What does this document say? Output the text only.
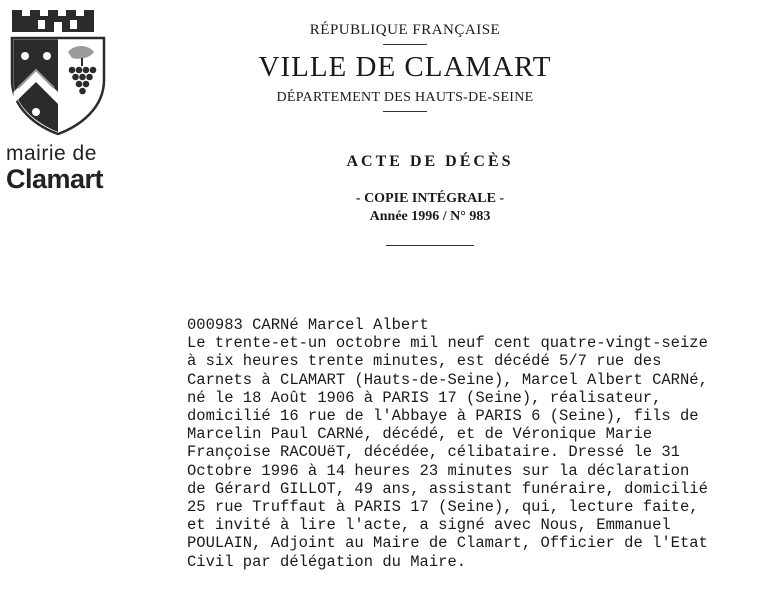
mairie de
Clamart
RÉPUBLIQUE FRANÇAISE
VILLE DE CLAMART
DÉPARTEMENT DES HAUTS-DE-SEINE
ACTE DE DÉCÈS
- COPIE INTÉGRALE -
Année 1996 / N° 983
000983 CARNé Marcel Albert
Le trente-et-un octobre mil neuf cent quatre-vingt-seize
à six heures trente minutes, est décédé 5/7 rue des
Carnets à CLAMART (Hauts-de-Seine), Marcel Albert CARNé,
né le 18 Août 1906 à PARIS 17 (Seine), réalisateur,
domicilié 16 rue de l'Abbaye à PARIS 6 (Seine), fils de
Marcelin Paul CARNé, décédé, et de Véronique Marie
Françoise RACOUëT, décédée, célibataire. Dressé le 31
Octobre 1996 à 14 heures 23 minutes sur la déclaration
de Gérard GILLOT, 49 ans, assistant funéraire, domicilié
25 rue Truffaut à PARIS 17 (Seine), qui, lecture faite,
et invité à lire l'acte, a signé avec Nous, Emmanuel
POULAIN, Adjoint au Maire de Clamart, Officier de l'Etat
Civil par délégation du Maire.
